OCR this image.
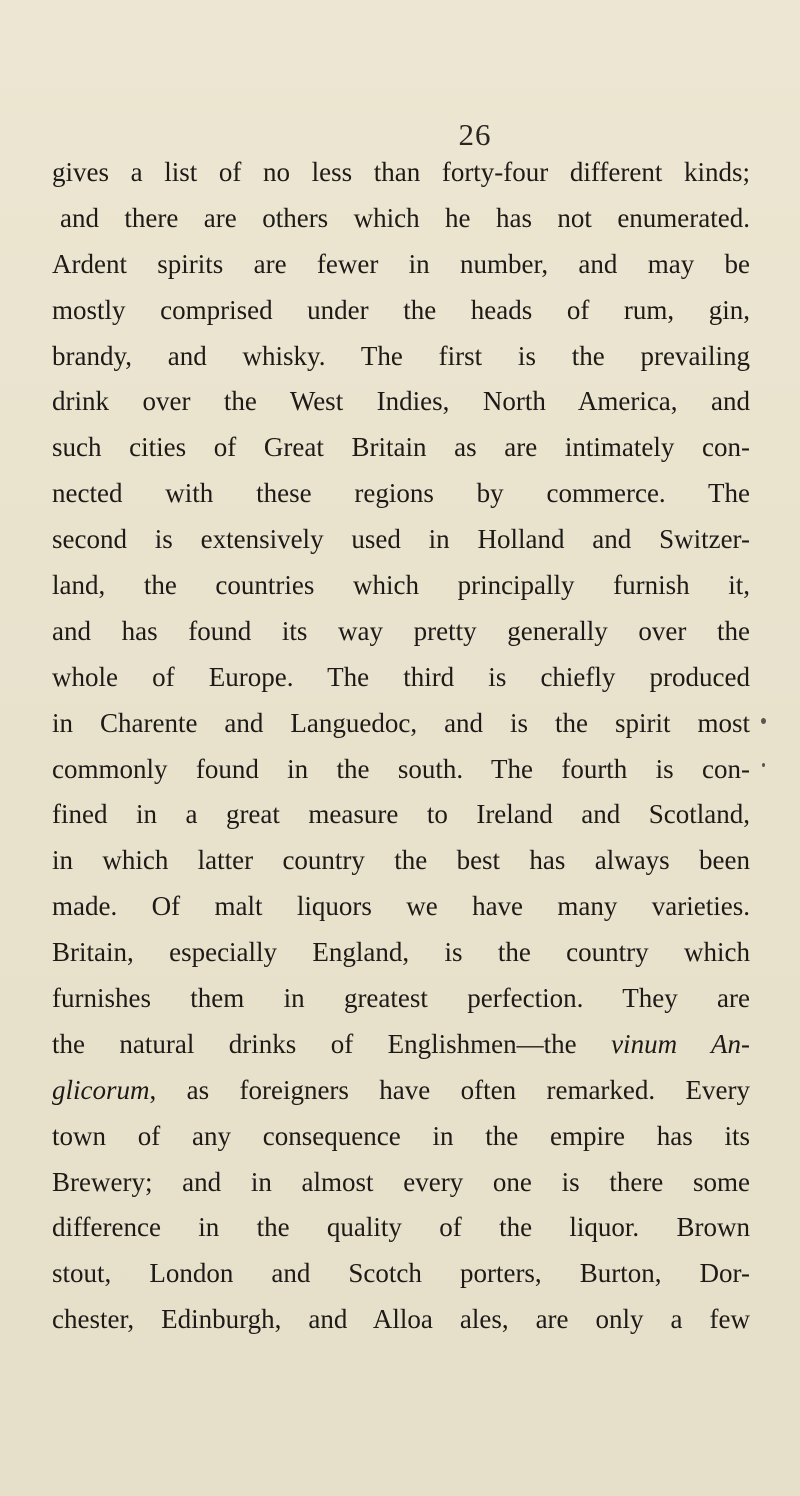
26
gives a list of no less than forty-four different kinds;
and there are others which he has not enumerated.
Ardent spirits are fewer in number, and may be
mostly comprised under the heads of rum, gin,
brandy, and whisky. The first is the prevailing
drink over the West Indies, North America, and
such cities of Great Britain as are intimately con-
nected with these regions by commerce. The
second is extensively used in Holland and Switzer-
land, the countries which principally furnish it,
and has found its way pretty generally over the
whole of Europe. The third is chiefly produced
in Charente and Languedoc, and is the spirit most
commonly found in the south. The fourth is con-
fined in a great measure to Ireland and Scotland,
in which latter country the best has always been
made. Of malt liquors we have many varieties.
Britain, especially England, is the country which
furnishes them in greatest perfection. They are
the natural drinks of Englishmen—the vinum An-
glicorum, as foreigners have often remarked. Every
town of any consequence in the empire has its
Brewery; and in almost every one is there some
difference in the quality of the liquor. Brown
stout, London and Scotch porters, Burton, Dor-
chester, Edinburgh, and Alloa ales, are only a few
